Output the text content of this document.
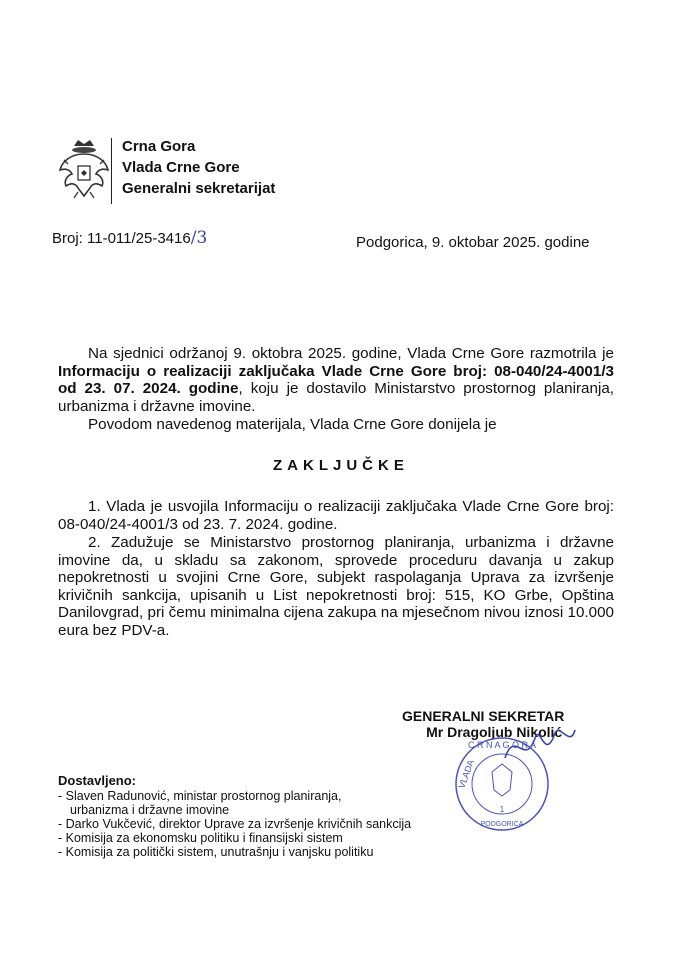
Crna Gora
Vlada Crne Gore
Generalni sekretarijat
Broj: 11-011/25-3416/3	Podgorica, 9. oktobar 2025. godine
Na sjednici održanoj 9. oktobra 2025. godine, Vlada Crne Gore razmotrila je Informaciju o realizaciji zaključaka Vlade Crne Gore broj: 08-040/24-4001/3 od 23. 07. 2024. godine, koju je dostavilo Ministarstvo prostornog planiranja, urbanizma i državne imovine.
Povodom navedenog materijala, Vlada Crne Gore donijela je
ZAKLJUČKE
1. Vlada je usvojila Informaciju o realizaciji zaključaka Vlade Crne Gore broj: 08-040/24-4001/3 od 23. 7. 2024. godine.
2. Zadužuje se Ministarstvo prostornog planiranja, urbanizma i državne imovine da, u skladu sa zakonom, sprovede proceduru davanja u zakup nepokretnosti u svojini Crne Gore, subjekt raspolaganja Uprava za izvršenje krivičnih sankcija, upisanih u List nepokretnosti broj: 515, KO Grbe, Opština Danilovgrad, pri čemu minimalna cijena zakupa na mjesečnom nivou iznosi 10.000 eura bez PDV-a.
GENERALNI SEKRETAR
Mr Dragoljub Nikolić
C R N A G O R A
VLADA
1
PODGORICA
Dostavljeno:
- Slaven Radunović, ministar prostornog planiranja,
urbanizma i državne imovine
- Darko Vukčević, direktor Uprave za izvršenje krivičnih sankcija
- Komisija za ekonomsku politiku i finansijski sistem
- Komisija za politički sistem, unutrašnju i vanjsku politiku
